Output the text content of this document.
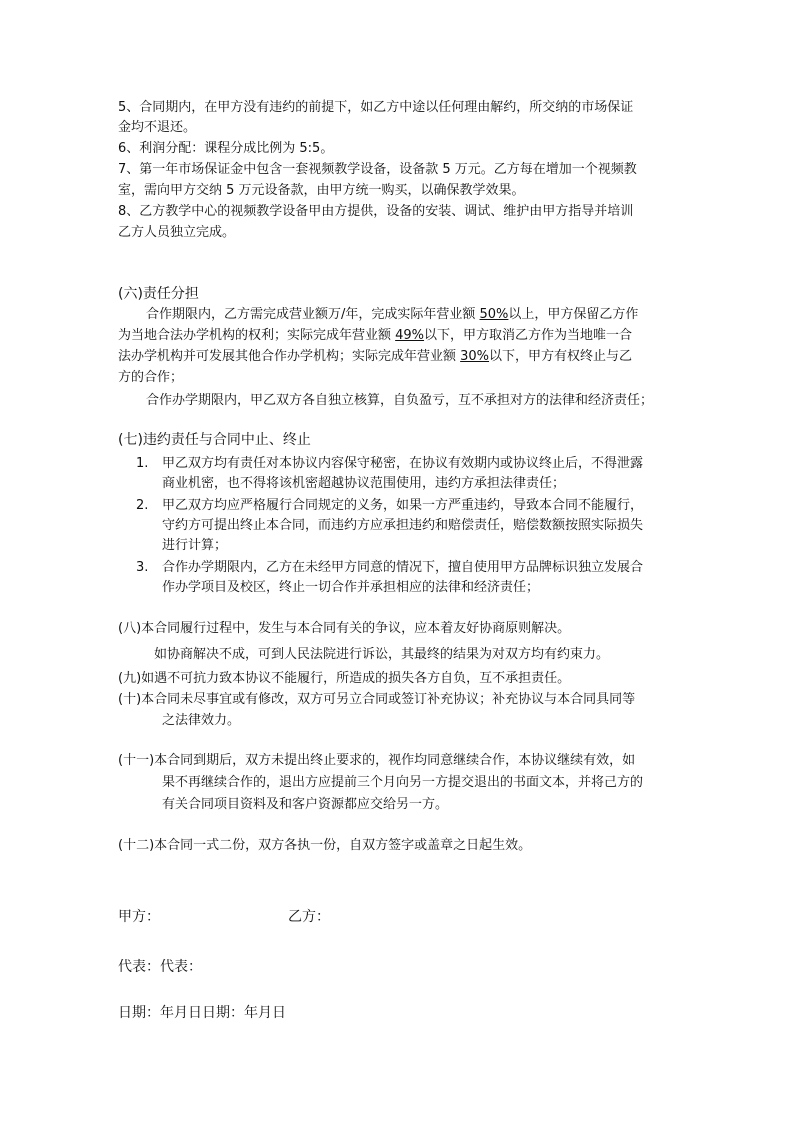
5、合同期内，在甲方没有违约的前提下，如乙方中途以任何理由解约，所交纳的市场保证
金均不退还。
6、利润分配：课程分成比例为 5:5。
7、第一年市场保证金中包含一套视频教学设备，设备款 5 万元。乙方每在增加一个视频教
室，需向甲方交纳 5 万元设备款，由甲方统一购买，以确保教学效果。
8、乙方教学中心的视频教学设备甲由方提供，设备的安装、调试、维护由甲方指导并培训
乙方人员独立完成。
(六)责任分担
合作期限内，乙方需完成营业额万/年，完成实际年营业额 50%以上，甲方保留乙方作
为当地合法办学机构的权利；实际完成年营业额 49%以下，甲方取消乙方作为当地唯一合
法办学机构并可发展其他合作办学机构；实际完成年营业额 30%以下，甲方有权终止与乙
方的合作；
合作办学期限内，甲乙双方各自独立核算，自负盈亏，互不承担对方的法律和经济责任；
(七)违约责任与合同中止、终止
1. 甲乙双方均有责任对本协议内容保守秘密，在协议有效期内或协议终止后，不得泄露
商业机密，也不得将该机密超越协议范围使用，违约方承担法律责任；
2. 甲乙双方均应严格履行合同规定的义务，如果一方严重违约，导致本合同不能履行，
守约方可提出终止本合同，而违约方应承担违约和赔偿责任，赔偿数额按照实际损失
进行计算；
3. 合作办学期限内，乙方在未经甲方同意的情况下，擅自使用甲方品牌标识独立发展合
作办学项目及校区，终止一切合作并承担相应的法律和经济责任；
(八)本合同履行过程中，发生与本合同有关的争议，应本着友好协商原则解决。
如协商解决不成，可到人民法院进行诉讼，其最终的结果为对双方均有约束力。
(九)如遇不可抗力致本协议不能履行，所造成的损失各方自负，互不承担责任。
(十)本合同未尽事宜或有修改，双方可另立合同或签订补充协议；补充协议与本合同具同等
之法律效力。
(十一)本合同到期后，双方未提出终止要求的，视作均同意继续合作，本协议继续有效，如
果不再继续合作的，退出方应提前三个月向另一方提交退出的书面文本，并将己方的
有关合同项目资料及和客户资源都应交给另一方。
(十二)本合同一式二份，双方各执一份，自双方签字或盖章之日起生效。
甲方：	乙方：
代表：代表：
日期：年月日日期：年月日
